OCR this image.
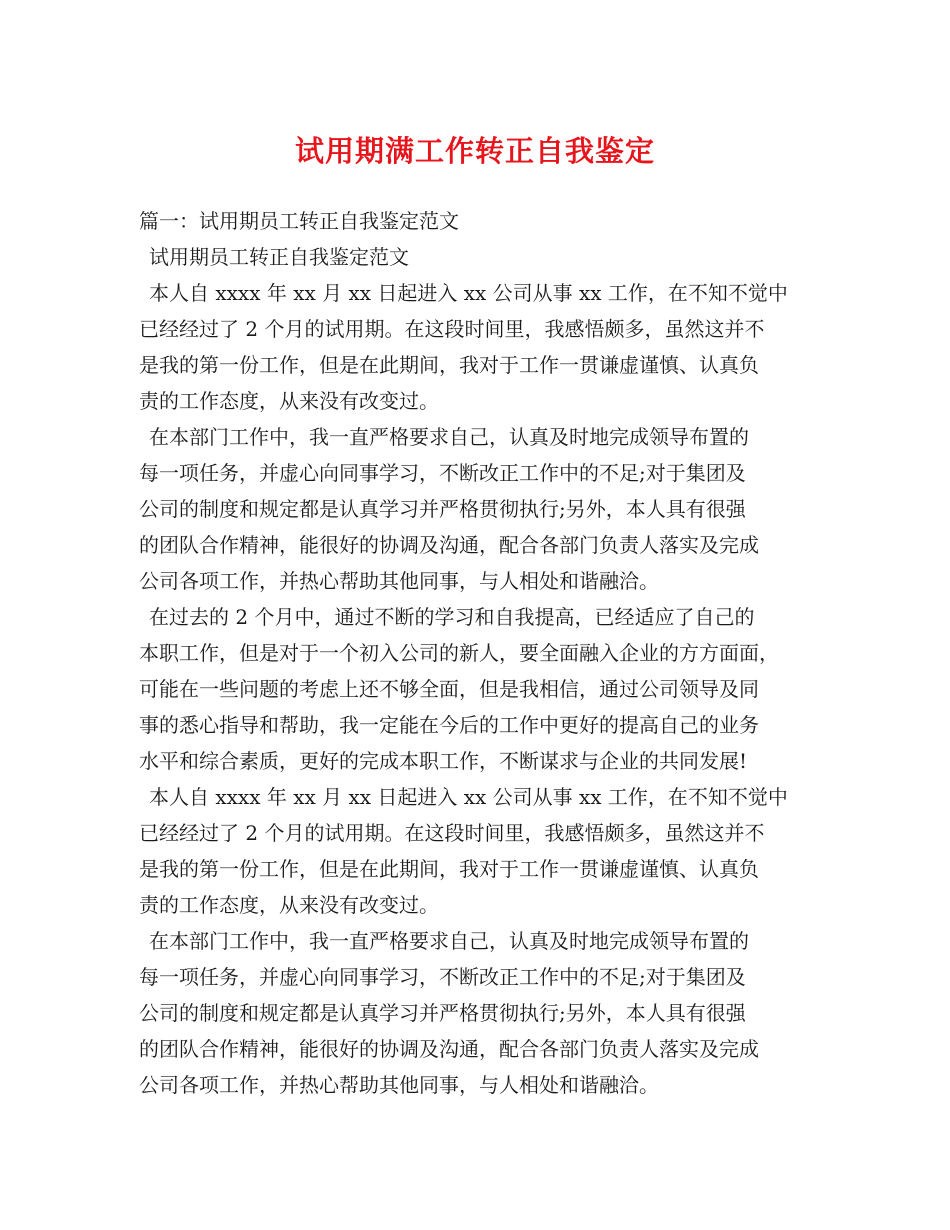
试用期满工作转正自我鉴定
篇一：试用期员工转正自我鉴定范文
试用期员工转正自我鉴定范文
本人自 xxxx 年 xx 月 xx 日起进入 xx 公司从事 xx 工作，在不知不觉中
已经经过了 2 个月的试用期。在这段时间里，我感悟颇多，虽然这并不
是我的第一份工作，但是在此期间，我对于工作一贯谦虚谨慎、认真负
责的工作态度，从来没有改变过。
在本部门工作中，我一直严格要求自己，认真及时地完成领导布置的
每一项任务，并虚心向同事学习，不断改正工作中的不足;对于集团及
公司的制度和规定都是认真学习并严格贯彻执行;另外，本人具有很强
的团队合作精神，能很好的协调及沟通，配合各部门负责人落实及完成
公司各项工作，并热心帮助其他同事，与人相处和谐融洽。
在过去的 2 个月中，通过不断的学习和自我提高，已经适应了自己的
本职工作，但是对于一个初入公司的新人，要全面融入企业的方方面面，
可能在一些问题的考虑上还不够全面，但是我相信，通过公司领导及同
事的悉心指导和帮助，我一定能在今后的工作中更好的提高自己的业务
水平和综合素质，更好的完成本职工作，不断谋求与企业的共同发展!
本人自 xxxx 年 xx 月 xx 日起进入 xx 公司从事 xx 工作，在不知不觉中
已经经过了 2 个月的试用期。在这段时间里，我感悟颇多，虽然这并不
是我的第一份工作，但是在此期间，我对于工作一贯谦虚谨慎、认真负
责的工作态度，从来没有改变过。
在本部门工作中，我一直严格要求自己，认真及时地完成领导布置的
每一项任务，并虚心向同事学习，不断改正工作中的不足;对于集团及
公司的制度和规定都是认真学习并严格贯彻执行;另外，本人具有很强
的团队合作精神，能很好的协调及沟通，配合各部门负责人落实及完成
公司各项工作，并热心帮助其他同事，与人相处和谐融洽。
